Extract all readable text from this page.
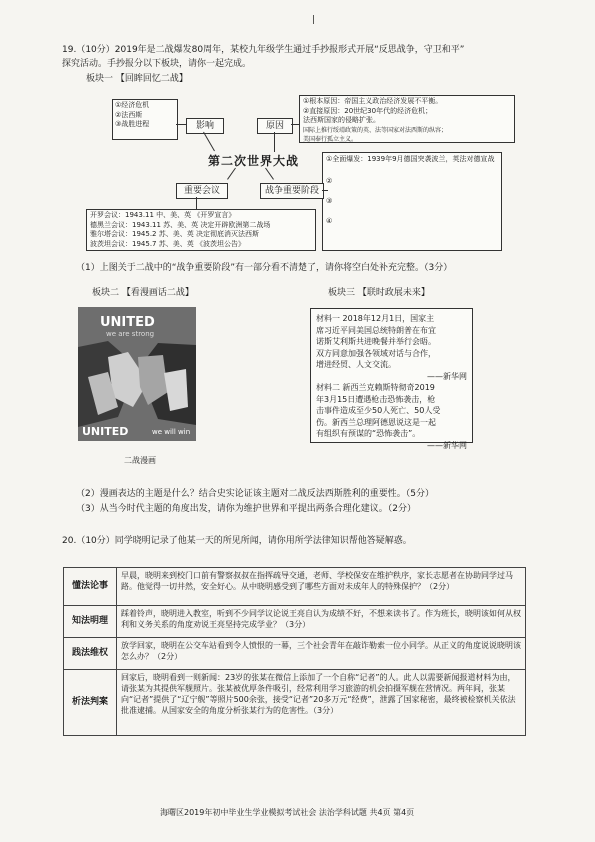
|
19.（10分）2019年是二战爆发80周年，某校九年级学生通过手抄报形式开展“反思战争，守卫和平”
探究活动。手抄报分以下板块，请你一起完成。
板块一 【回眸回忆二战】
①经济危机
②法西斯
③战胜进程	影响	原因
①根本原因：帝国主义政治经济发展不平衡。
②直接原因：20世纪30年代的经济危机；
法西斯国家的侵略扩张。
国际上推行绥靖政策的英、法等国家对法西斯的纵容；
美国奉行孤立主义。
第二次世界大战	①全面爆发：1939年9月德国突袭波兰，英法对德宣战
②
③
④
重要会议	战争重要阶段
开罗会议：1943.11 中、美、英 《开罗宣言》
德黑兰会议：1943.11 苏、美、英 决定开辟欧洲第二战场
雅尔塔会议：1945.2 苏、美、英 决定彻底消灭法西斯
波茨坦会议：1945.7 苏、美、英 《波茨坦公告》
（1）上图关于二战中的“战争重要阶段”有一部分看不清楚了，请你将空白处补充完整。（3分）
板块二 【看漫画话二战】	板块三 【联时政展未来】
UNITED
we are strong
UNITED	we will win
二战漫画
材料一 2018年12月1日，国家主
席习近平同美国总统特朗普在布宜
诺斯艾利斯共进晚餐并举行会晤。
双方同意加强各领域对话与合作，
增进经贸、人文交流。
——新华网
材料二 新西兰克赖斯特彻奇2019
年3月15日遭遇枪击恐怖袭击，枪
击事件造成至少50人死亡、50人受
伤。新西兰总理阿德恩说这是一起
有组织有预谋的“恐怖袭击”。
——新华网
（2）漫画表达的主题是什么？结合史实论证该主题对二战反法西斯胜利的重要性。（5分）
（3）从当今时代主题的角度出发，请你为维护世界和平提出两条合理化建议。（2分）
20.（10分）同学晓明记录了他某一天的所见所闻，请你用所学法律知识帮他答疑解惑。
懂法论事	早晨，晓明来到校门口前有警察叔叔在指挥疏导交通，老师、学校保安在维护秩序，家长志愿者在协助同学过马路。他觉得一切井然，安全好心。从中晓明感受到了哪些方面对未成年人的特殊保护？（2分）
知法明理	踩着铃声，晓明进入教室，听到不少同学议论说王亮自认为成绩不好，不想来读书了。作为班长，晓明该如何从权利和义务关系的角度劝说王亮坚持完成学业？（3分）
践法维权	放学回家，晓明在公交车站看到令人愤恨的一幕，三个社会青年在敲诈勒索一位小同学。从正义的角度说说晓明该怎么办？（2分）
析法判案	回家后，晓明看到一则新闻：23岁的张某在微信上添加了一个自称“记者”的人。此人以需要新闻报道材料为由，请张某为其提供军舰照片。张某被优厚条件吸引，经常利用学习旅游的机会拍摄军舰在营情况。两年间，张某向“记者”提供了“辽宁舰”等照片500余张，接受“记者”20多万元“经费”，泄露了国家秘密，最终被检察机关依法批准逮捕。从国家安全的角度分析张某行为的危害性。（3分）
海曙区2019年初中毕业生学业模拟考试社会 法治学科试题 共4页 第4页
